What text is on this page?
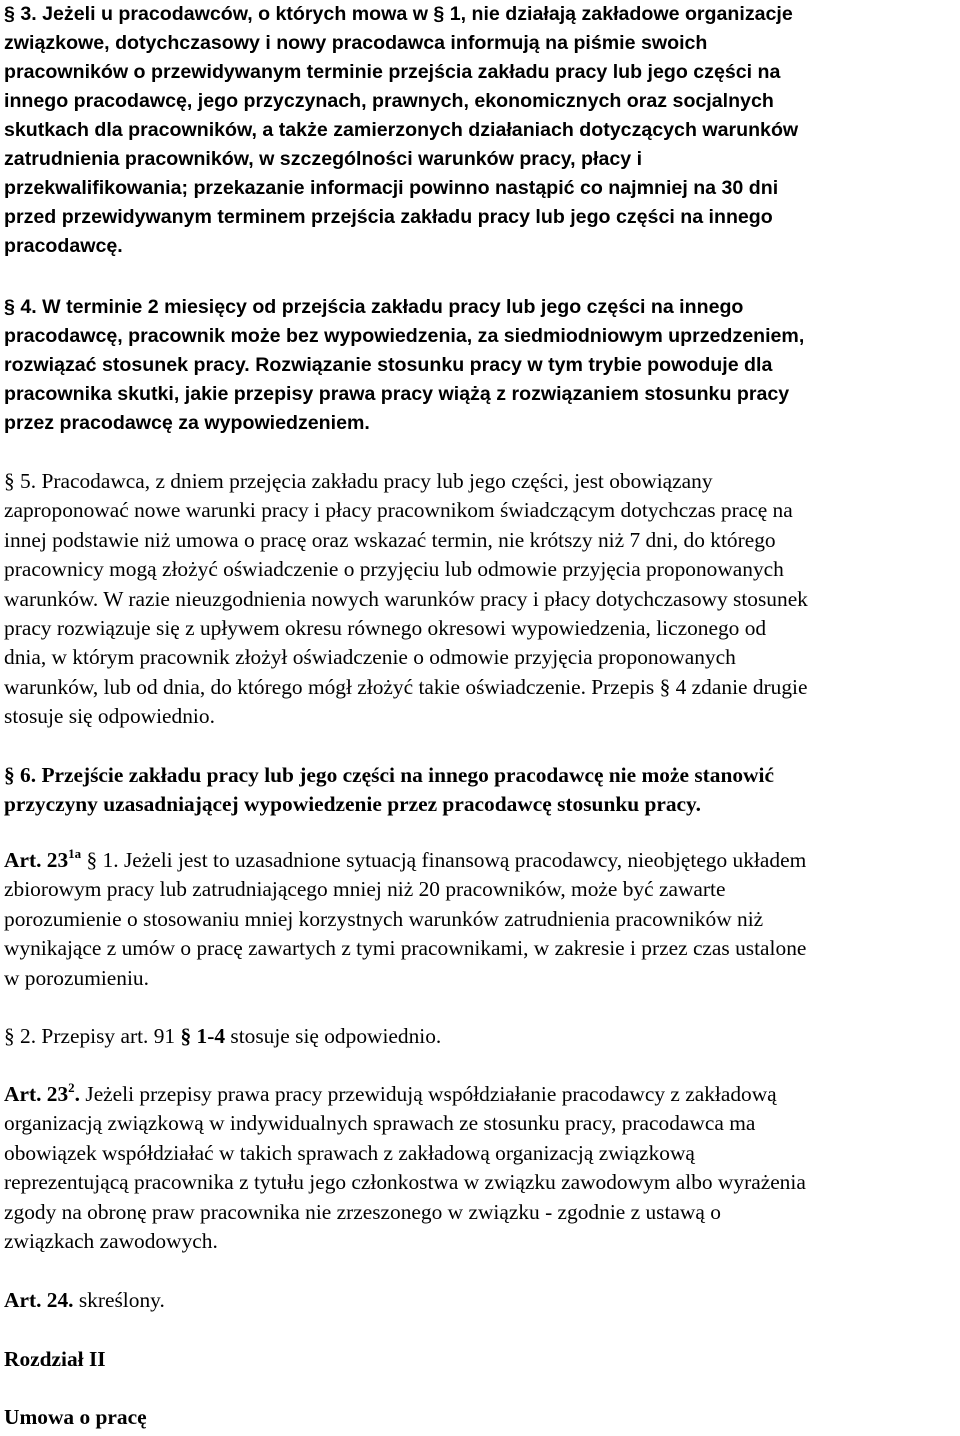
§ 3. Jeżeli u pracodawców, o których mowa w § 1, nie działają zakładowe organizacje
związkowe, dotychczasowy i nowy pracodawca informują na piśmie swoich
pracowników o przewidywanym terminie przejścia zakładu pracy lub jego części na
innego pracodawcę, jego przyczynach, prawnych, ekonomicznych oraz socjalnych
skutkach dla pracowników, a także zamierzonych działaniach dotyczących warunków
zatrudnienia pracowników, w szczególności warunków pracy, płacy i
przekwalifikowania; przekazanie informacji powinno nastąpić co najmniej na 30 dni
przed przewidywanym terminem przejścia zakładu pracy lub jego części na innego
pracodawcę.
§ 4. W terminie 2 miesięcy od przejścia zakładu pracy lub jego części na innego
pracodawcę, pracownik może bez wypowiedzenia, za siedmiodniowym uprzedzeniem,
rozwiązać stosunek pracy. Rozwiązanie stosunku pracy w tym trybie powoduje dla
pracownika skutki, jakie przepisy prawa pracy wiążą z rozwiązaniem stosunku pracy
przez pracodawcę za wypowiedzeniem.
§ 5. Pracodawca, z dniem przejęcia zakładu pracy lub jego części, jest obowiązany
zaproponować nowe warunki pracy i płacy pracownikom świadczącym dotychczas pracę na
innej podstawie niż umowa o pracę oraz wskazać termin, nie krótszy niż 7 dni, do którego
pracownicy mogą złożyć oświadczenie o przyjęciu lub odmowie przyjęcia proponowanych
warunków. W razie nieuzgodnienia nowych warunków pracy i płacy dotychczasowy stosunek
pracy rozwiązuje się z upływem okresu równego okresowi wypowiedzenia, liczonego od
dnia, w którym pracownik złożył oświadczenie o odmowie przyjęcia proponowanych
warunków, lub od dnia, do którego mógł złożyć takie oświadczenie. Przepis § 4 zdanie drugie
stosuje się odpowiednio.
§ 6. Przejście zakładu pracy lub jego części na innego pracodawcę nie może stanowić
przyczyny uzasadniającej wypowiedzenie przez pracodawcę stosunku pracy.
Art. $23^{1a}$ § 1. Jeżeli jest to uzasadnione sytuacją finansową pracodawcy, nieobjętego układem
zbiorowym pracy lub zatrudniającego mniej niż 20 pracowników, może być zawarte
porozumienie o stosowaniu mniej korzystnych warunków zatrudnienia pracowników niż
wynikające z umów o pracę zawartych z tymi pracownikami, w zakresie i przez czas ustalone
w porozumieniu.
§ 2. Przepisy art. 91 § 1-4 stosuje się odpowiednio.
Art. $23^2$. Jeżeli przepisy prawa pracy przewidują współdziałanie pracodawcy z zakładową
organizacją związkową w indywidualnych sprawach ze stosunku pracy, pracodawca ma
obowiązek współdziałać w takich sprawach z zakładową organizacją związkową
reprezentującą pracownika z tytułu jego członkostwa w związku zawodowym albo wyrażenia
zgody na obronę praw pracownika nie zrzeszonego w związku - zgodnie z ustawą o
związkach zawodowych.
Art. 24. skreślony.
Rozdział II
Umowa o pracę
